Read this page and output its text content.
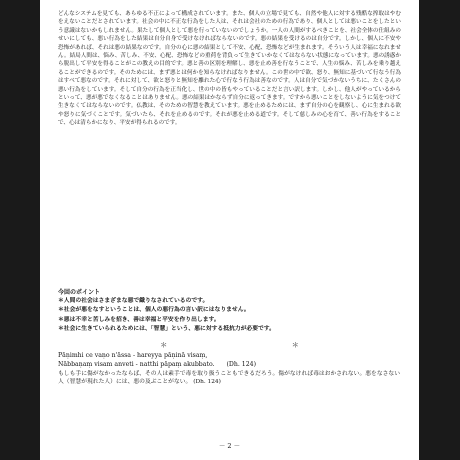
どんなシステムを見ても、あらゆる不正によって構成されています。また、個人の立場で見ても、自然や他人に対する残酷な搾取はやむをえないことだとされています。社会の中に不正な行為をした人は、それは会社のための行為であり、個人としては悪いことをしたという意識はないかもしれません。果たして個人として悪を行っていないのでしょうか。一人の人間がするべきことを、社会全体の仕組みのせいにしても、悪い行為をした結果は自分自身で受けなければならないのです。悪の結果を受けるのは自分です。しかし、個人に不安や恐怖があれば、それは悪の結果なのです。自分の心に悪の結果として不安、心配、恐怖などが生まれます。そういう人は幸福になれません。結局人間は、悩み、苦しみ、不安、心配、恐怖などの重荷を背負って生きていかなくてはならない状態になっています。悪の誘惑から脱出して平安を得ることがこの教えの目的です。悪と善の区別を理解し、悪を止め善を行なうことで、人生の悩み、苦しみを乗り越えることができるのです。そのためには、まず悪とは何かを知らなければなりません。この世の中で欲、怒り、無知に基づいて行なう行為はすべて悪なのです。それに対して、欲と怒りと無知を離れた心で行なう行為は善なのです。人は自分で気づかないうちに、たくさんの悪い行為をしています。そして自分の行為を正当化し、世の中の皆もやっていることだと言い訳します。しかし、他人がやっているからといって、悪が悪でなくなることはありません。悪の結果はかならず自分に返ってきます。ですから悪いことをしないように気をつけて生きなくてはならないのです。仏教は、そのための智慧を教えています。悪を止めるためには、まず自分の心を観察し、心に生まれる欲や怒りに気づくことです。気づいたら、それを止めるのです。それが悪を止める道です。そして慈しみの心を育て、善い行為をすることで、心は清らかになり、平安が得られるのです。

今回のポイント
＊人間の社会はさまざまな悪で織りなされているのです。
＊社会が悪をなすということは、個人の悪行為の言い訳にはなりません。
＊悪は不幸と苦しみを招き、善は幸福と平安を作り出します。
＊社会に生きていられるためには、「智慧」という、悪に対する抵抗力が必要です。
＊	＊
Pāṇimhi ce vaṇo n'āssa - hareyya pāṇinā visaṃ,
Nābbaṇaṃ visam anveti - natthi pāpaṃ akubbato. (Dh. 124)
もしも手に傷がなかったならば、その人は素手で毒を取り扱うこともできるだろう。傷がなければ毒はおかされない。悪をなさない人（智慧が現れた人）には、悪の及ぶことがない。 (Dh. 124)
－ 2 －
